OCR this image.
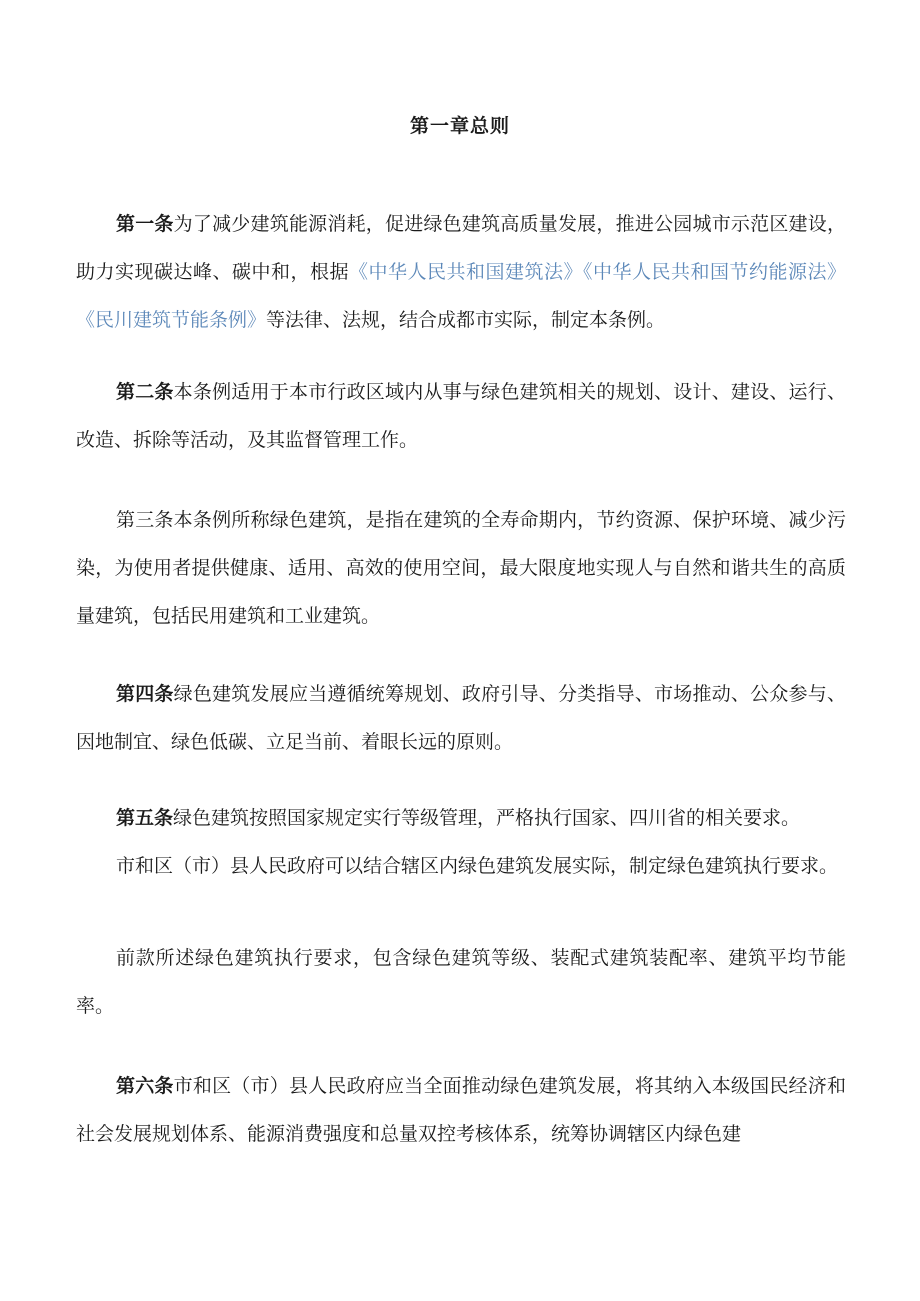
第一章总则

第一条为了减少建筑能源消耗，促进绿色建筑高质量发展，推进公园城市示范区建设，助力实现碳达峰、碳中和，根据《中华人民共和国建筑法》《中华人民共和国节约能源法》《民川建筑节能条例》等法律、法规，结合成都市实际，制定本条例。

第二条本条例适用于本市行政区域内从事与绿色建筑相关的规划、设计、建设、运行、改造、拆除等活动，及其监督管理工作。

第三条本条例所称绿色建筑，是指在建筑的全寿命期内，节约资源、保护环境、减少污染，为使用者提供健康、适用、高效的使用空间，最大限度地实现人与自然和谐共生的高质量建筑，包括民用建筑和工业建筑。

第四条绿色建筑发展应当遵循统筹规划、政府引导、分类指导、市场推动、公众参与、因地制宜、绿色低碳、立足当前、着眼长远的原则。

第五条绿色建筑按照国家规定实行等级管理，严格执行国家、四川省的相关要求。

市和区（市）县人民政府可以结合辖区内绿色建筑发展实际，制定绿色建筑执行要求。

前款所述绿色建筑执行要求，包含绿色建筑等级、装配式建筑装配率、建筑平均节能率。

第六条市和区（市）县人民政府应当全面推动绿色建筑发展，将其纳入本级国民经济和社会发展规划体系、能源消费强度和总量双控考核体系，统筹协调辖区内绿色建
